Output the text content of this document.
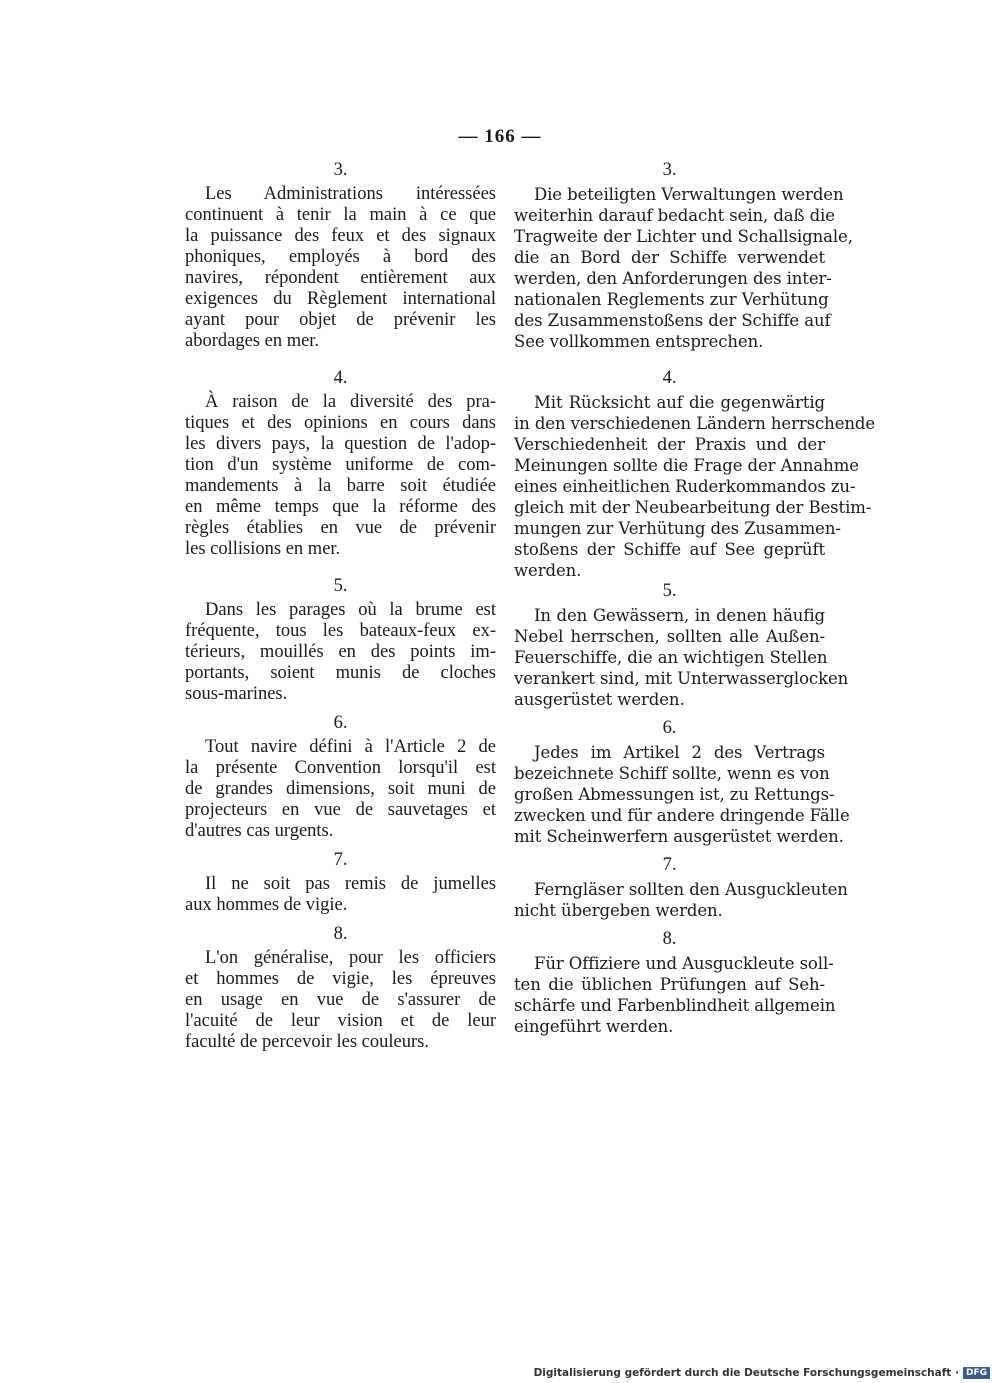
— 166 —
3.
Les Administrations intéressées
continuent à tenir la main à ce que
la puissance des feux et des signaux
phoniques, employés à bord des
navires, répondent entièrement aux
exigences du Règlement international
ayant pour objet de prévenir les
abordages en mer.
4.
À raison de la diversité des pra-
tiques et des opinions en cours dans
les divers pays, la question de l'adop-
tion d'un système uniforme de com-
mandements à la barre soit étudiée
en même temps que la réforme des
règles établies en vue de prévenir
les collisions en mer.
5.
Dans les parages où la brume est
fréquente, tous les bateaux-feux ex-
térieurs, mouillés en des points im-
portants, soient munis de cloches
sous-marines.
6.
Tout navire défini à l'Article 2 de
la présente Convention lorsqu'il est
de grandes dimensions, soit muni de
projecteurs en vue de sauvetages et
d'autres cas urgents.
7.
Il ne soit pas remis de jumelles
aux hommes de vigie.
8.
L'on généralise, pour les officiers
et hommes de vigie, les épreuves
en usage en vue de s'assurer de
l'acuité de leur vision et de leur
faculté de percevoir les couleurs.
3.
Die beteiligten Verwaltungen werden
weiterhin darauf bedacht sein, daß die
Tragweite der Lichter und Schallsignale,
die an Bord der Schiffe verwendet
werden, den Anforderungen des inter-
nationalen Reglements zur Verhütung
des Zusammenstoßens der Schiffe auf
See vollkommen entsprechen.
4.
Mit Rücksicht auf die gegenwärtig
in den verschiedenen Ländern herrschende
Verschiedenheit der Praxis und der
Meinungen sollte die Frage der Annahme
eines einheitlichen Ruderkommandos zu-
gleich mit der Neubearbeitung der Bestim-
mungen zur Verhütung des Zusammen-
stoßens der Schiffe auf See geprüft
werden.
5.
In den Gewässern, in denen häufig
Nebel herrschen, sollten alle Außen-
Feuerschiffe, die an wichtigen Stellen
verankert sind, mit Unterwasserglocken
ausgerüstet werden.
6.
Jedes im Artikel 2 des Vertrags
bezeichnete Schiff sollte, wenn es von
großen Abmessungen ist, zu Rettungs-
zwecken und für andere dringende Fälle
mit Scheinwerfern ausgerüstet werden.
7.
Ferngläser sollten den Ausguckleuten
nicht übergeben werden.
8.
Für Offiziere und Ausguckleute soll-
ten die üblichen Prüfungen auf Seh-
schärfe und Farbenblindheit allgemein
eingeführt werden.
Digitalisierung gefördert durch die Deutsche Forschungsgemeinschaft · DFG
